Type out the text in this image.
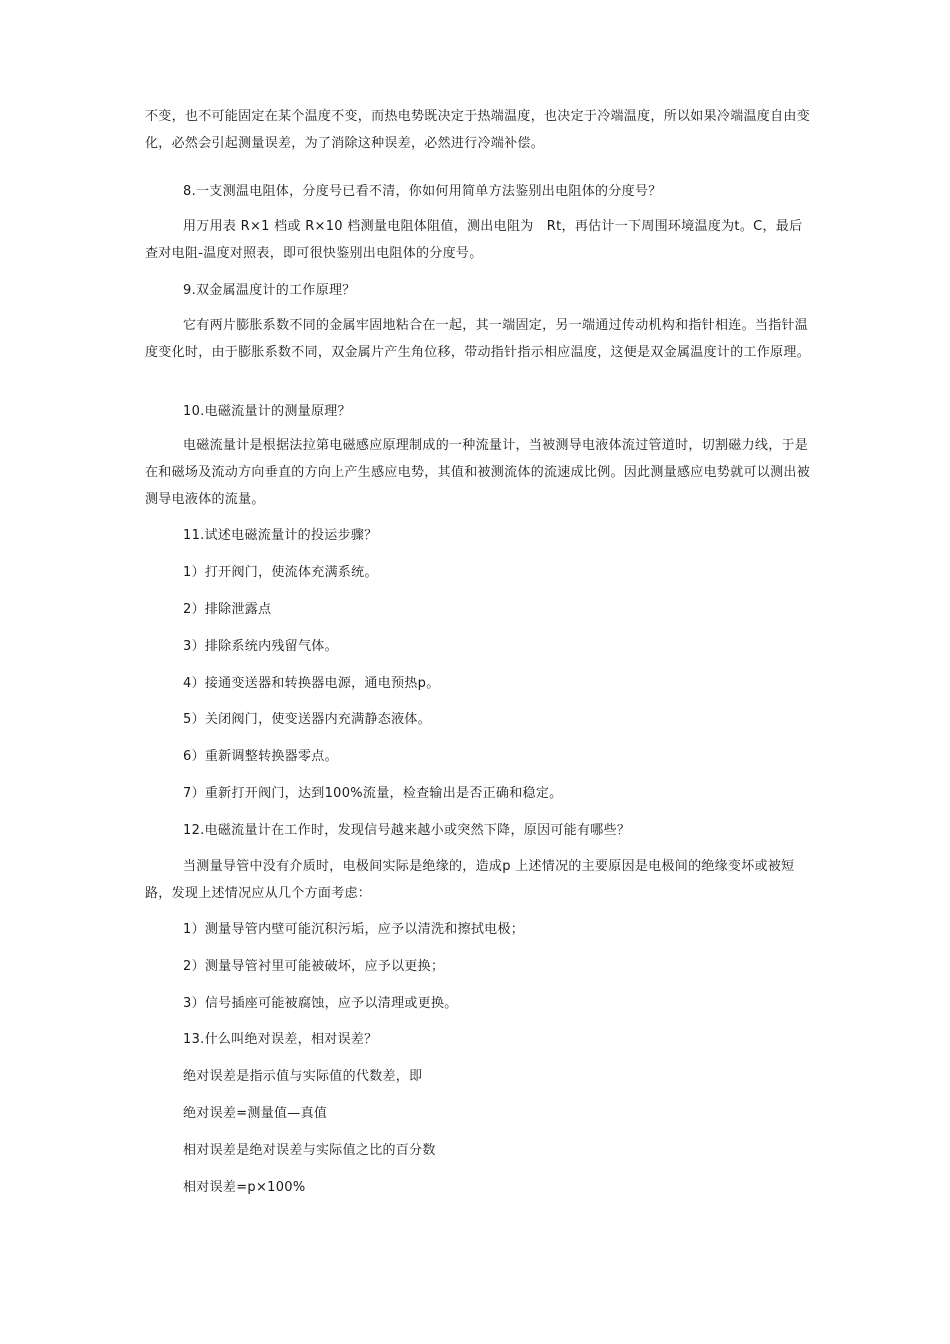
不变，也不可能固定在某个温度不变，而热电势既决定于热端温度，也决定于冷端温度，所以如果冷端温度自由变化，必然会引起测量误差，为了消除这种误差，必然进行冷端补偿。

8.一支测温电阻体，分度号已看不清，你如何用简单方法鉴别出电阻体的分度号？

用万用表 R×1 档或 R×10 档测量电阻体阻值，测出电阻为　Rt，再估计一下周围环境温度为t。C，最后查对电阻-温度对照表，即可很快鉴别出电阻体的分度号。

9.双金属温度计的工作原理？

它有两片膨胀系数不同的金属牢固地粘合在一起，其一端固定，另一端通过传动机构和指针相连。当指针温度变化时，由于膨胀系数不同，双金属片产生角位移，带动指针指示相应温度，这便是双金属温度计的工作原理。

10.电磁流量计的测量原理？

电磁流量计是根据法拉第电磁感应原理制成的一种流量计，当被测导电液体流过管道时，切割磁力线，于是在和磁场及流动方向垂直的方向上产生感应电势，其值和被测流体的流速成比例。因此测量感应电势就可以测出被测导电液体的流量。

11.试述电磁流量计的投运步骤？

1）打开阀门，使流体充满系统。

2）排除泄露点

3）排除系统内残留气体。

4）接通变送器和转换器电源，通电预热p。

5）关闭阀门，使变送器内充满静态液体。

6）重新调整转换器零点。

7）重新打开阀门，达到100%流量，检查输出是否正确和稳定。

12.电磁流量计在工作时，发现信号越来越小或突然下降，原因可能有哪些？

当测量导管中没有介质时，电极间实际是绝缘的，造成p 上述情况的主要原因是电极间的绝缘变坏或被短路，发现上述情况应从几个方面考虑：

1）测量导管内壁可能沉积污垢，应予以清洗和擦拭电极；

2）测量导管衬里可能被破坏，应予以更换；

3）信号插座可能被腐蚀，应予以清理或更换。

13.什么叫绝对误差，相对误差？

绝对误差是指示值与实际值的代数差，即

绝对误差=测量值—真值

相对误差是绝对误差与实际值之比的百分数

相对误差=p×100%
